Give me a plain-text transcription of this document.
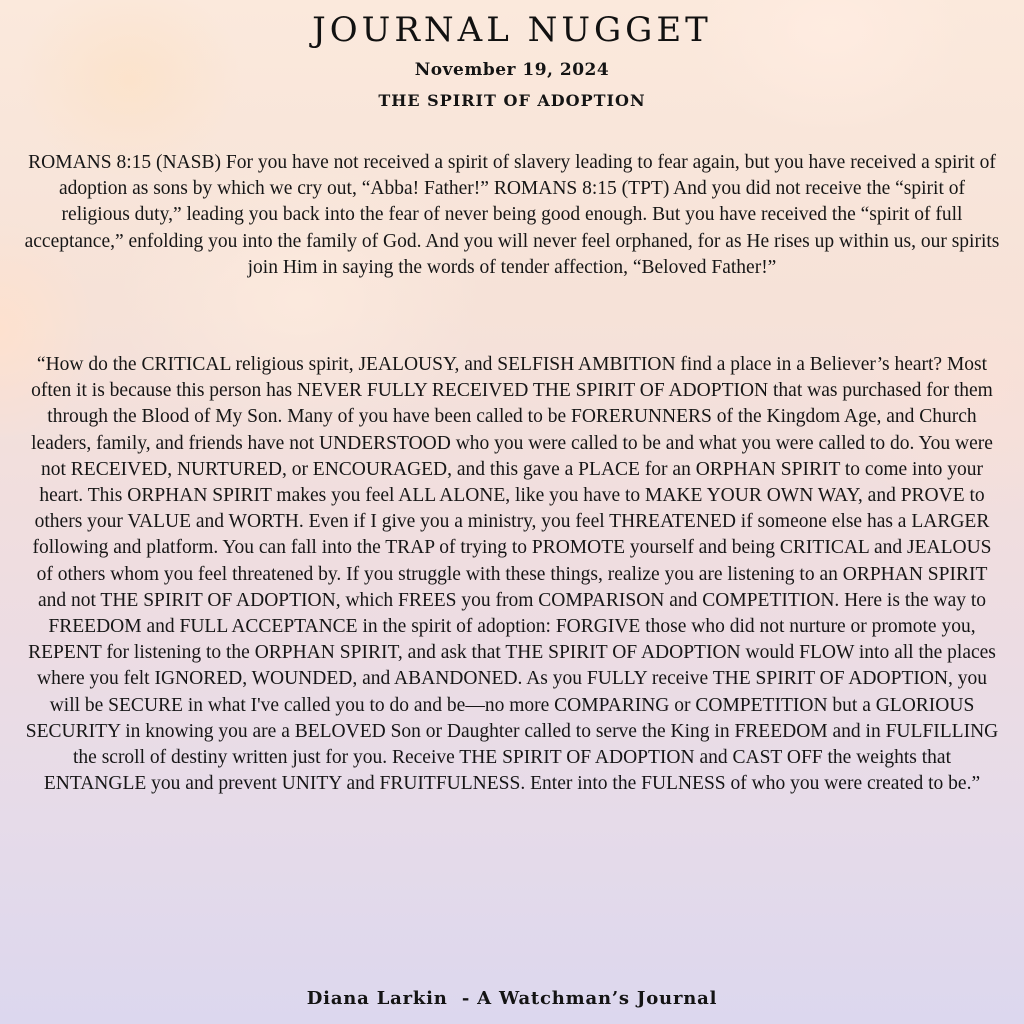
JOURNAL NUGGET
November 19, 2024
THE SPIRIT OF ADOPTION
ROMANS 8:15 (NASB) For you have not received a spirit of slavery leading to fear again, but you have received a spirit of adoption as sons by which we cry out, “Abba! Father!” ROMANS 8:15 (TPT) And you did not receive the “spirit of religious duty,” leading you back into the fear of never being good enough. But you have received the “spirit of full acceptance,” enfolding you into the family of God. And you will never feel orphaned, for as He rises up within us, our spirits join Him in saying the words of tender affection, “Beloved Father!”
“How do the CRITICAL religious spirit, JEALOUSY, and SELFISH AMBITION find a place in a Believer’s heart? Most often it is because this person has NEVER FULLY RECEIVED THE SPIRIT OF ADOPTION that was purchased for them through the Blood of My Son. Many of you have been called to be FORERUNNERS of the Kingdom Age, and Church leaders, family, and friends have not UNDERSTOOD who you were called to be and what you were called to do. You were not RECEIVED, NURTURED, or ENCOURAGED, and this gave a PLACE for an ORPHAN SPIRIT to come into your heart. This ORPHAN SPIRIT makes you feel ALL ALONE, like you have to MAKE YOUR OWN WAY, and PROVE to others your VALUE and WORTH. Even if I give you a ministry, you feel THREATENED if someone else has a LARGER following and platform. You can fall into the TRAP of trying to PROMOTE yourself and being CRITICAL and JEALOUS of others whom you feel threatened by. If you struggle with these things, realize you are listening to an ORPHAN SPIRIT and not THE SPIRIT OF ADOPTION, which FREES you from COMPARISON and COMPETITION. Here is the way to FREEDOM and FULL ACCEPTANCE in the spirit of adoption: FORGIVE those who did not nurture or promote you, REPENT for listening to the ORPHAN SPIRIT, and ask that THE SPIRIT OF ADOPTION would FLOW into all the places where you felt IGNORED, WOUNDED, and ABANDONED. As you FULLY receive THE SPIRIT OF ADOPTION, you will be SECURE in what I've called you to do and be—no more COMPARING or COMPETITION but a GLORIOUS SECURITY in knowing you are a BELOVED Son or Daughter called to serve the King in FREEDOM and in FULFILLING the scroll of destiny written just for you. Receive THE SPIRIT OF ADOPTION and CAST OFF the weights that ENTANGLE you and prevent UNITY and FRUITFULNESS. Enter into the FULNESS of who you were created to be.”
Diana Larkin  - A Watchman’s Journal
